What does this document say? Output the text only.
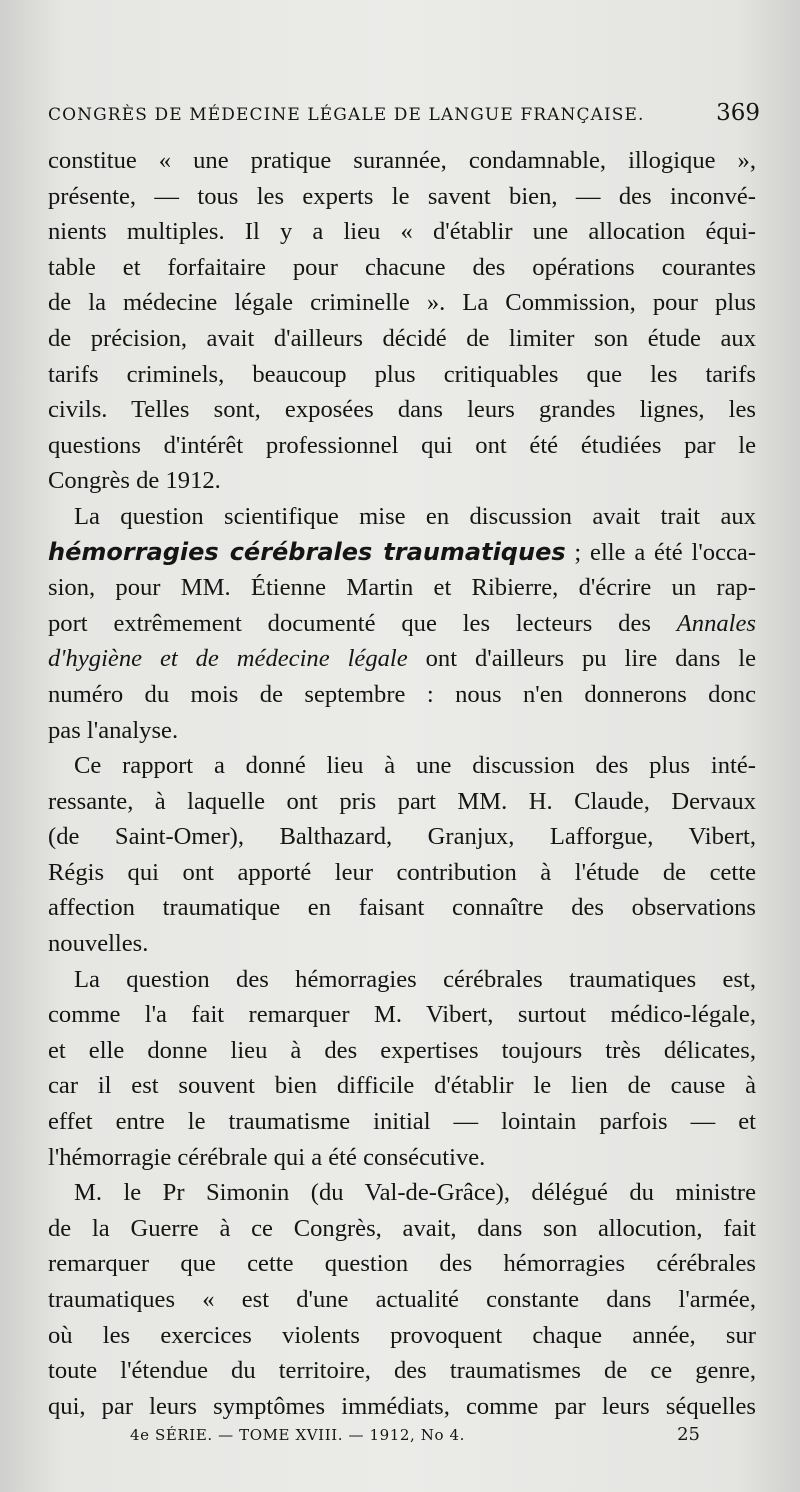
CONGRÈS DE MÉDECINE LÉGALE DE LANGUE FRANÇAISE.	369
constitue « une pratique surannée, condamnable, illogique »,
présente, — tous les experts le savent bien, — des inconvé-
nients multiples. Il y a lieu « d'établir une allocation équi-
table et forfaitaire pour chacune des opérations courantes
de la médecine légale criminelle ». La Commission, pour plus
de précision, avait d'ailleurs décidé de limiter son étude aux
tarifs criminels, beaucoup plus critiquables que les tarifs
civils. Telles sont, exposées dans leurs grandes lignes, les
questions d'intérêt professionnel qui ont été étudiées par le
Congrès de 1912.
La question scientifique mise en discussion avait trait aux
hémorragies cérébrales traumatiques ; elle a été l'occa-
sion, pour MM. Étienne Martin et Ribierre, d'écrire un rap-
port extrêmement documenté que les lecteurs des Annales
d'hygiène et de médecine légale ont d'ailleurs pu lire dans le
numéro du mois de septembre : nous n'en donnerons donc
pas l'analyse.
Ce rapport a donné lieu à une discussion des plus inté-
ressante, à laquelle ont pris part MM. H. Claude, Dervaux
(de Saint-Omer), Balthazard, Granjux, Lafforgue, Vibert,
Régis qui ont apporté leur contribution à l'étude de cette
affection traumatique en faisant connaître des observations
nouvelles.
La question des hémorragies cérébrales traumatiques est,
comme l'a fait remarquer M. Vibert, surtout médico-légale,
et elle donne lieu à des expertises toujours très délicates,
car il est souvent bien difficile d'établir le lien de cause à
effet entre le traumatisme initial — lointain parfois — et
l'hémorragie cérébrale qui a été consécutive.
M. le Pr Simonin (du Val-de-Grâce), délégué du ministre
de la Guerre à ce Congrès, avait, dans son allocution, fait
remarquer que cette question des hémorragies cérébrales
traumatiques « est d'une actualité constante dans l'armée,
où les exercices violents provoquent chaque année, sur
toute l'étendue du territoire, des traumatismes de ce genre,
qui, par leurs symptômes immédiats, comme par leurs séquelles
4e SÉRIE. — TOME XVIII. — 1912, No 4.	25
